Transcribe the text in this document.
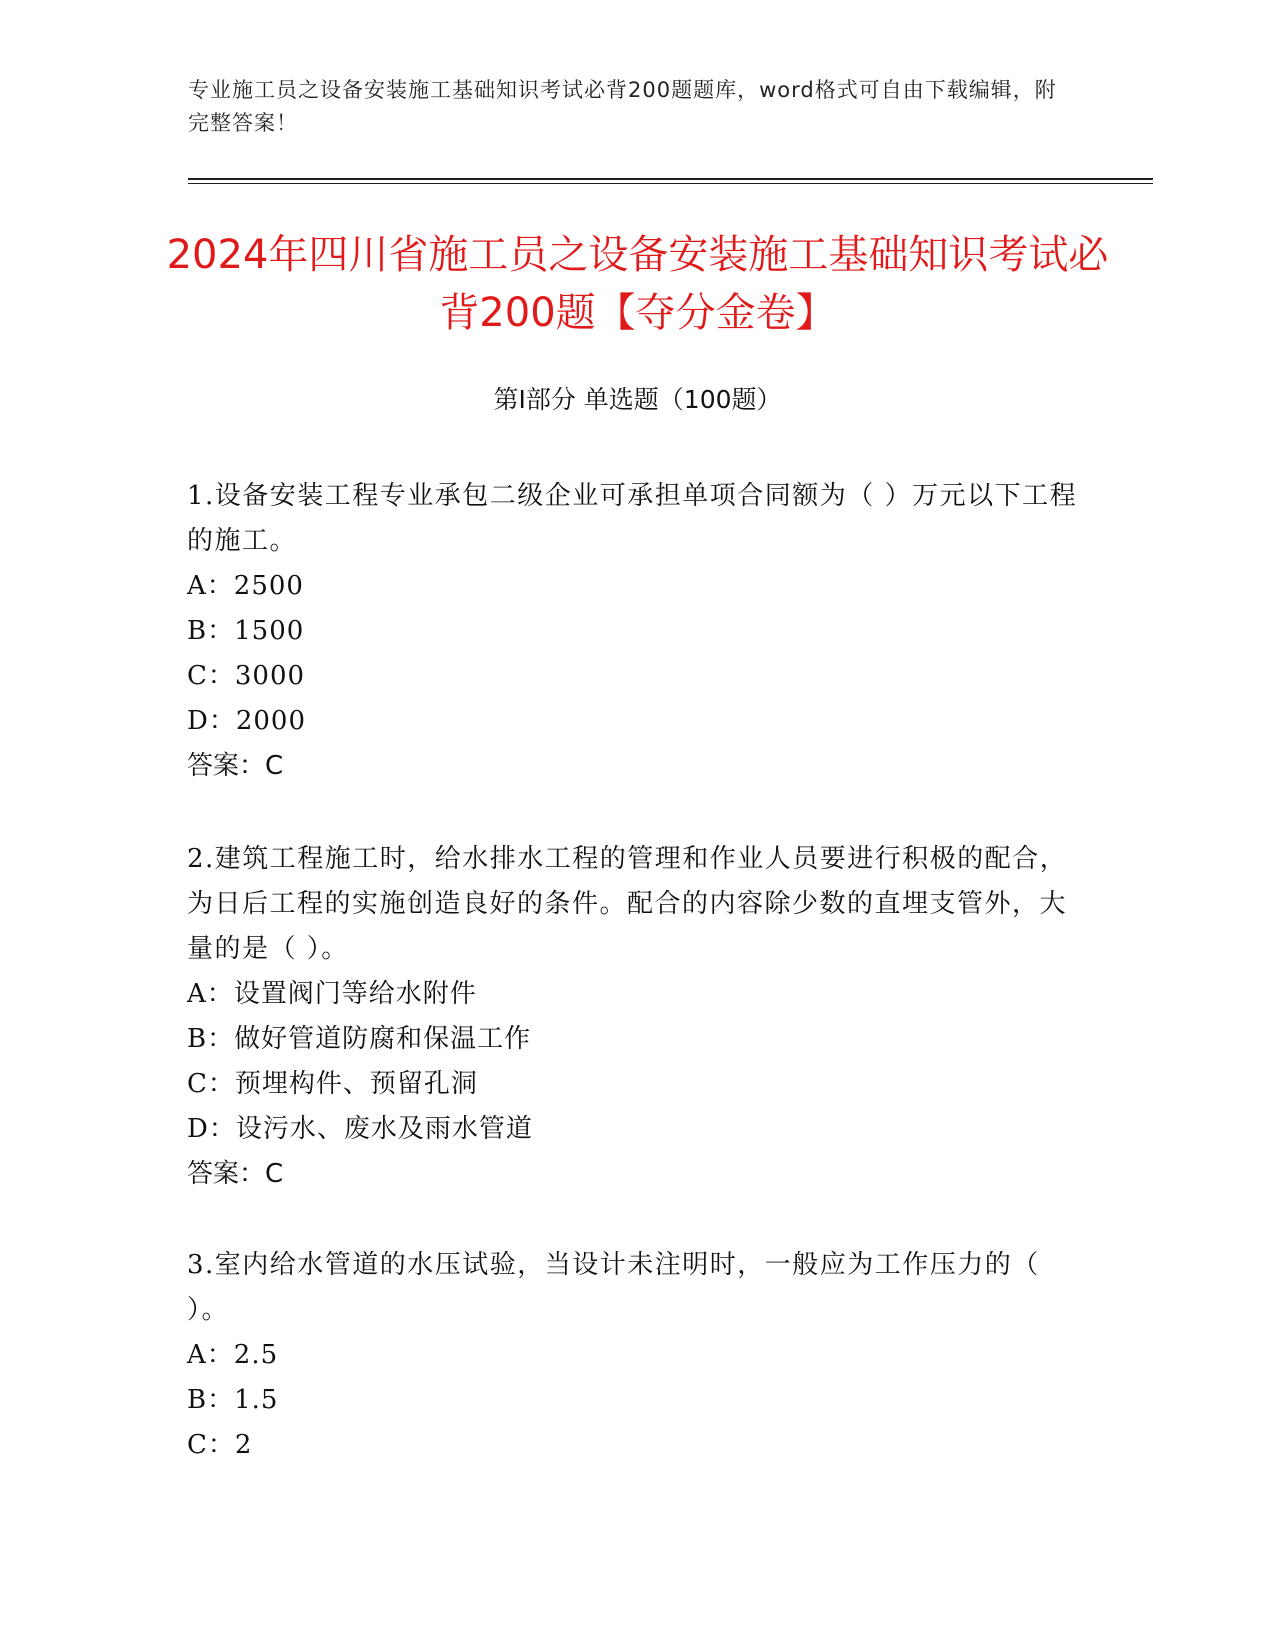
专业施工员之设备安装施工基础知识考试必背200题题库，word格式可自由下载编辑，附完整答案！
2024年四川省施工员之设备安装施工基础知识考试必背200题【夺分金卷】
第Ⅰ部分 单选题（100题）
1.设备安装工程专业承包二级企业可承担单项合同额为（ ）万元以下工程的施工。
A：2500
B：1500
C：3000
D：2000
答案：C
2.建筑工程施工时，给水排水工程的管理和作业人员要进行积极的配合，为日后工程的实施创造良好的条件。配合的内容除少数的直埋支管外，大量的是（ ）。
A：设置阀门等给水附件
B：做好管道防腐和保温工作
C：预埋构件、预留孔洞
D：设污水、废水及雨水管道
答案：C
3.室内给水管道的水压试验，当设计未注明时，一般应为工作压力的（ ）。
A：2.5
B：1.5
C：2
